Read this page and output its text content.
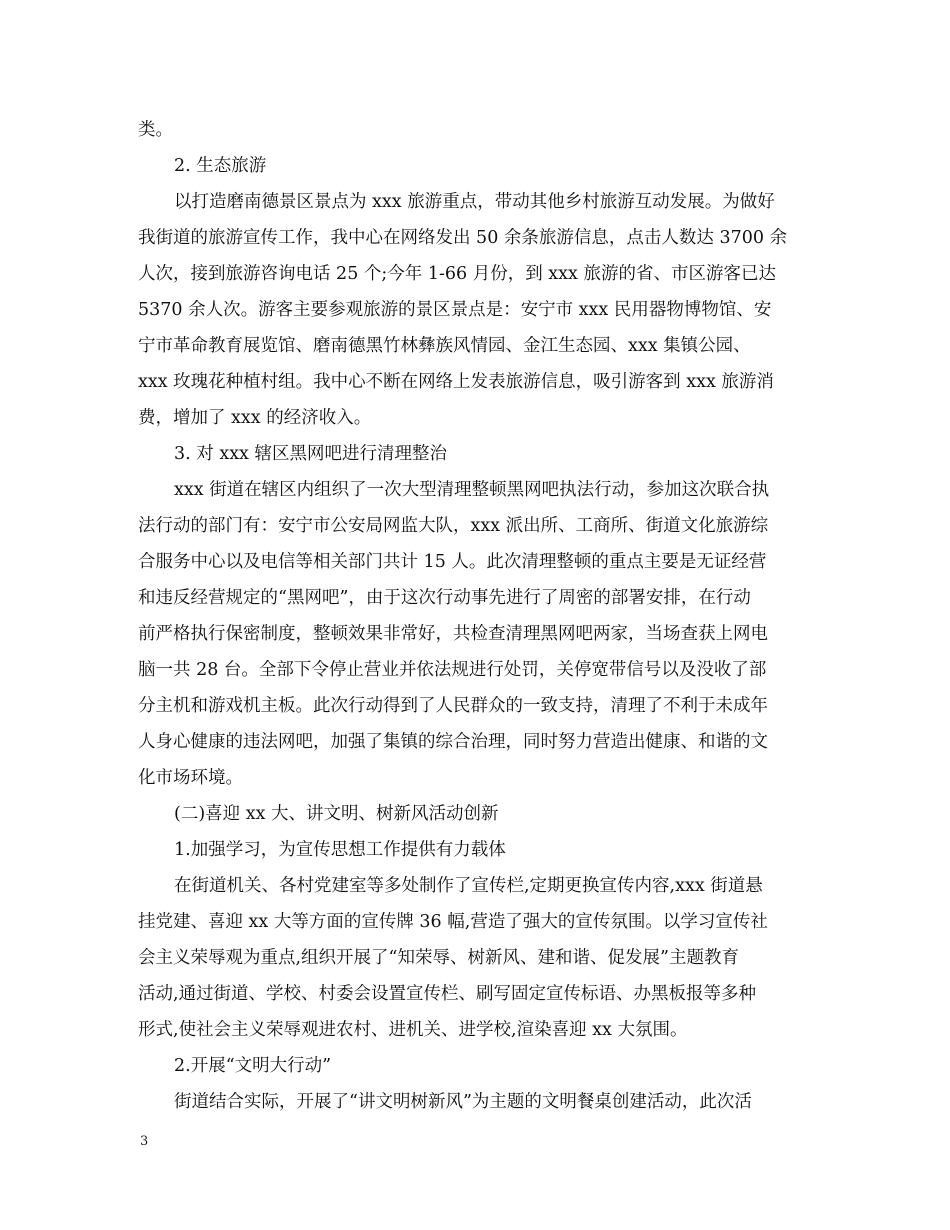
类。
2. 生态旅游
以打造磨南德景区景点为 xxx 旅游重点，带动其他乡村旅游互动发展。为做好
我街道的旅游宣传工作，我中心在网络发出 50 余条旅游信息，点击人数达 3700 余
人次，接到旅游咨询电话 25 个;今年 1-66 月份，到 xxx 旅游的省、市区游客已达
5370 余人次。游客主要参观旅游的景区景点是：安宁市 xxx 民用器物博物馆、安
宁市革命教育展览馆、磨南德黑竹林彝族风情园、金江生态园、xxx 集镇公园、
xxx 玫瑰花种植村组。我中心不断在网络上发表旅游信息，吸引游客到 xxx 旅游消
费，增加了 xxx 的经济收入。
3. 对 xxx 辖区黑网吧进行清理整治
xxx 街道在辖区内组织了一次大型清理整顿黑网吧执法行动，参加这次联合执
法行动的部门有：安宁市公安局网监大队，xxx 派出所、工商所、街道文化旅游综
合服务中心以及电信等相关部门共计 15 人。此次清理整顿的重点主要是无证经营
和违反经营规定的“黑网吧”，由于这次行动事先进行了周密的部署安排，在行动
前严格执行保密制度，整顿效果非常好，共检查清理黑网吧两家，当场查获上网电
脑一共 28 台。全部下令停止营业并依法规进行处罚，关停宽带信号以及没收了部
分主机和游戏机主板。此次行动得到了人民群众的一致支持，清理了不利于未成年
人身心健康的违法网吧，加强了集镇的综合治理，同时努力营造出健康、和谐的文
化市场环境。
(二)喜迎 xx 大、讲文明、树新风活动创新
1.加强学习，为宣传思想工作提供有力载体
在街道机关、各村党建室等多处制作了宣传栏,定期更换宣传内容,xxx 街道悬
挂党建、喜迎 xx 大等方面的宣传牌 36 幅,营造了强大的宣传氛围。以学习宣传社
会主义荣辱观为重点,组织开展了“知荣辱、树新风、建和谐、促发展”主题教育
活动,通过街道、学校、村委会设置宣传栏、刷写固定宣传标语、办黑板报等多种
形式,使社会主义荣辱观进农村、进机关、进学校,渲染喜迎 xx 大氛围。
2.开展“文明大行动”
街道结合实际，开展了“讲文明树新风”为主题的文明餐桌创建活动，此次活
3
